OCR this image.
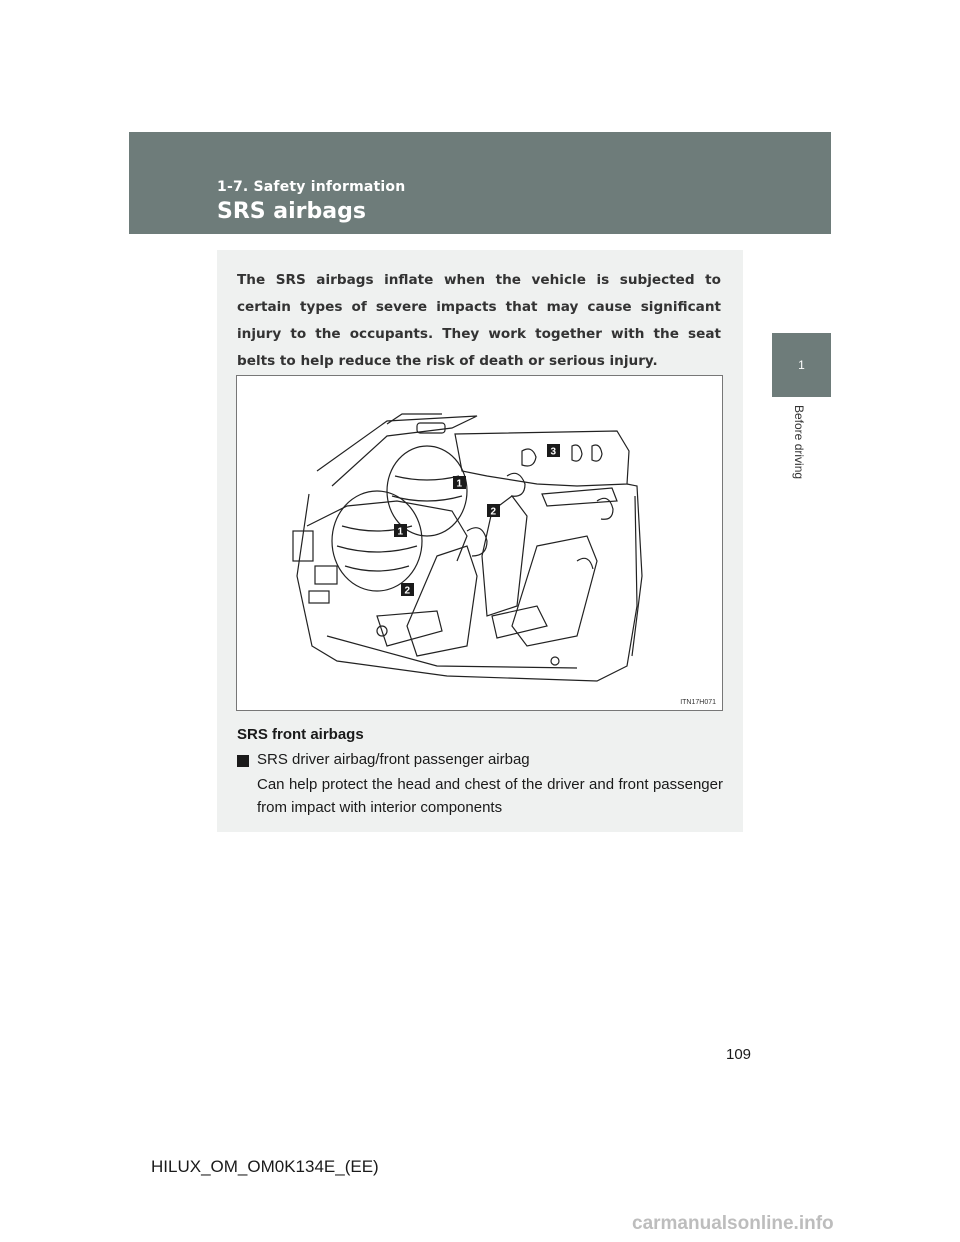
1-7. Safety information
SRS airbags
1
Before driving

The SRS airbags inflate when the vehicle is subjected to certain types of severe impacts that may cause significant injury to the occupants. They work together with the seat belts to help reduce the risk of death or serious injury.

1
1
2
2
3
ITN17H071
SRS front airbags
SRS driver airbag/front passenger airbag

Can help protect the head and chest of the driver and front passenger from impact with interior components

109
HILUX_OM_OM0K134E_(EE)
carmanualsonline.info
